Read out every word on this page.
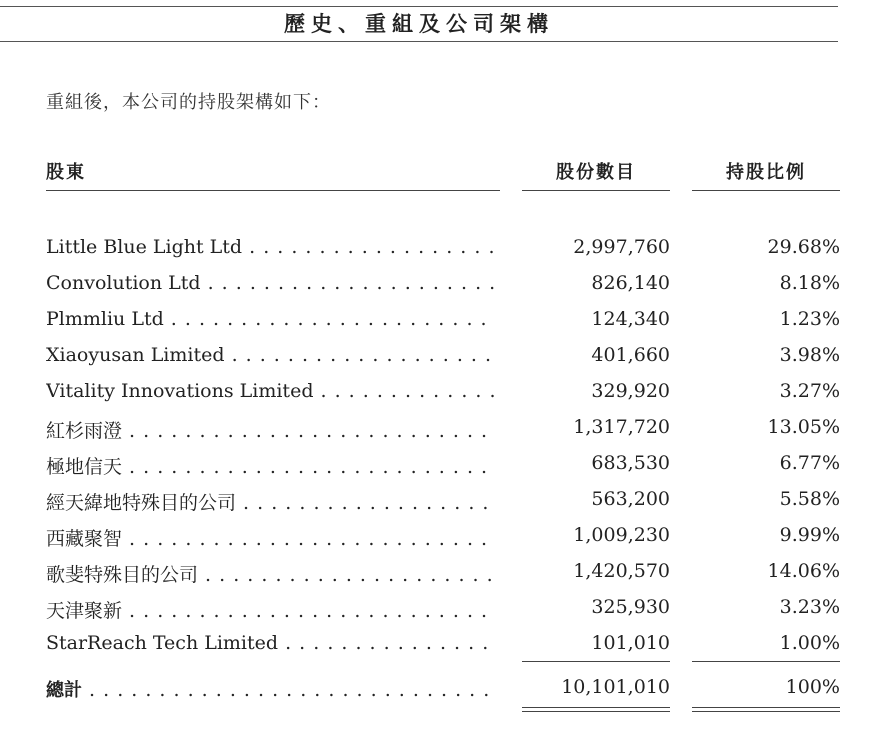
歷史、重組及公司架構
重組後，本公司的持股架構如下：
股東	股份數目	持股比例
Little Blue Light Ltd . . .	2,997,760	29.68%
Convolution Ltd . . .	826,140	8.18%
Plmmliu Ltd . . .	124,340	1.23%
Xiaoyusan Limited . . .	401,660	3.98%
Vitality Innovations Limited . . .	329,920	3.27%
紅杉雨澄 . . .	1,317,720	13.05%
極地信天 . . .	683,530	6.77%
經天緯地特殊目的公司 . . .	563,200	5.58%
西藏聚智 . . .	1,009,230	9.99%
歌斐特殊目的公司 . . .	1,420,570	14.06%
天津聚新 . . .	325,930	3.23%
StarReach Tech Limited . . .	101,010	1.00%
總計 . . .	10,101,010	100%
